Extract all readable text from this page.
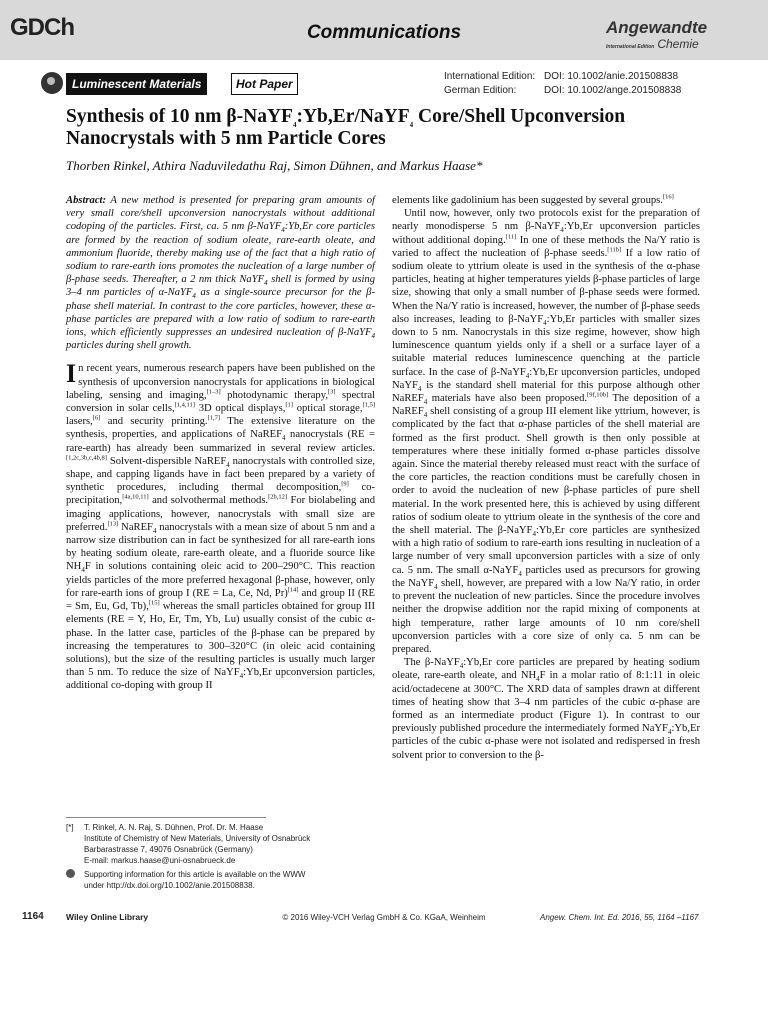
GDCh	Communications	Angewandte
International Edition Chemie
Luminescent Materials	Hot Paper
International Edition: DOI: 10.1002/anie.201508838
German Edition:	DOI: 10.1002/ange.201508838
Synthesis of 10 nm β-NaYF$_4$:Yb,Er/NaYF$_4$ Core/Shell Upconversion Nanocrystals with 5 nm Particle Cores
Thorben Rinkel, Athira Naduviledathu Raj, Simon Dühnen, and Markus Haase*

Abstract: A new method is presented for preparing gram amounts of very small core/shell upconversion nanocrystals without additional codoping of the particles. First, ca. 5 nm β-NaYF$_4$:Yb,Er core particles are formed by the reaction of sodium oleate, rare-earth oleate, and ammonium fluoride, thereby making use of the fact that a high ratio of sodium to rare-earth ions promotes the nucleation of a large number of β-phase seeds. Thereafter, a 2 nm thick NaYF$_4$ shell is formed by using 3–4 nm particles of α-NaYF$_4$ as a single-source precursor for the β-phase shell material. In contrast to the core particles, however, these α-phase particles are prepared with a low ratio of sodium to rare-earth ions, which efficiently suppresses an undesired nucleation of β-NaYF$_4$ particles during shell growth.

In recent years, numerous research papers have been published on the synthesis of upconversion nanocrystals for applications in biological labeling, sensing and imaging,[1–3] photodynamic therapy,[3] spectral conversion in solar cells,[1,4,11] 3D optical displays,[1] optical storage,[1,5] lasers,[6] and security printing.[1,7] The extensive literature on the synthesis, properties, and applications of NaREF$_4$ nanocrystals (RE = rare-earth) has already been summarized in several review articles.[1,2c,3b,c,4b,8] Solvent-dispersible NaREF$_4$ nanocrystals with controlled size, shape, and capping ligands have in fact been prepared by a variety of synthetic procedures, including thermal decomposition,[9] co-precipitation,[4a,10,11] and solvothermal methods.[2b,12] For biolabeling and imaging applications, however, nanocrystals with small size are preferred.[13] NaREF$_4$ nanocrystals with a mean size of about 5 nm and a narrow size distribution can in fact be synthesized for all rare-earth ions by heating sodium oleate, rare-earth oleate, and a fluoride source like $NH_4F$ in solutions containing oleic acid to 200–290°C. This reaction yields particles of the more preferred hexagonal β-phase, however, only for rare-earth ions of group I (RE = La, Ce, Nd, Pr)[14] and group II (RE = Sm, Eu, Gd, Tb),[15] whereas the small particles obtained for group III elements (RE = Y, Ho, Er, Tm, Yb, Lu) usually consist of the cubic α-phase. In the latter case, particles of the β-phase can be prepared by increasing the temperatures to 300–320°C (in oleic acid containing solutions), but the size of the resulting particles is usually much larger than 5 nm. To reduce the size of NaYF$_4$:Yb,Er upconversion particles, additional co-doping with group II

elements like gadolinium has been suggested by several groups.[16]

Until now, however, only two protocols exist for the preparation of nearly monodisperse 5 nm β-NaYF$_4$:Yb,Er upconversion particles without additional doping.[11] In one of these methods the Na/Y ratio is varied to affect the nucleation of β-phase seeds.[11b] If a low ratio of sodium oleate to yttrium oleate is used in the synthesis of the α-phase particles, heating at higher temperatures yields β-phase particles of large size, showing that only a small number of β-phase seeds were formed. When the Na/Y ratio is increased, however, the number of β-phase seeds also increases, leading to β-NaYF$_4$:Yb,Er particles with smaller sizes down to 5 nm. Nanocrystals in this size regime, however, show high luminescence quantum yields only if a shell or a surface layer of a suitable material reduces luminescence quenching at the particle surface. In the case of β-NaYF$_4$:Yb,Er upconversion particles, undoped NaYF$_4$ is the standard shell material for this purpose although other NaREF$_4$ materials have also been proposed.[9f,10b] The deposition of a NaREF$_4$ shell consisting of a group III element like yttrium, however, is complicated by the fact that α-phase particles of the shell material are formed as the first product. Shell growth is then only possible at temperatures where these initially formed α-phase particles dissolve again. Since the material thereby released must react with the surface of the core particles, the reaction conditions must be carefully chosen in order to avoid the nucleation of new β-phase particles of pure shell material. In the work presented here, this is achieved by using different ratios of sodium oleate to yttrium oleate in the synthesis of the core and the shell material. The β-NaYF$_4$:Yb,Er core particles are synthesized with a high ratio of sodium to rare-earth ions resulting in nucleation of a large number of very small upconversion particles with a size of only ca. 5 nm. The small α-NaYF$_4$ particles used as precursors for growing the NaYF$_4$ shell, however, are prepared with a low Na/Y ratio, in order to prevent the nucleation of new particles. Since the procedure involves neither the dropwise addition nor the rapid mixing of components at high temperature, rather large amounts of 10 nm core/shell upconversion particles with a core size of only ca. 5 nm can be prepared.

The β-NaYF$_4$:Yb,Er core particles are prepared by heating sodium oleate, rare-earth oleate, and $NH_4F$ in a molar ratio of 8:1:11 in oleic acid/octadecene at 300°C. The XRD data of samples drawn at different times of heating show that 3–4 nm particles of the cubic α-phase are formed as an intermediate product (Figure 1). In contrast to our previously published procedure the intermediately formed NaYF$_4$:Yb,Er particles of the cubic α-phase were not isolated and redispersed in fresh solvent prior to conversion to the β-

[*]	T. Rinkel, A. N. Raj, S. Dühnen, Prof. Dr. M. Haase
Institute of Chemistry of New Materials, University of Osnabrück
Barbarastrasse 7, 49076 Osnabrück (Germany)
E-mail: markus.haase@uni-osnabrueck.de
Supporting information for this article is available on the WWW
under http://dx.doi.org/10.1002/anie.201508838.
1164	Wiley Online Library	© 2016 Wiley-VCH Verlag GmbH & Co. KGaA, Weinheim	Angew. Chem. Int. Ed. 2016, 55, 1164 –1167
